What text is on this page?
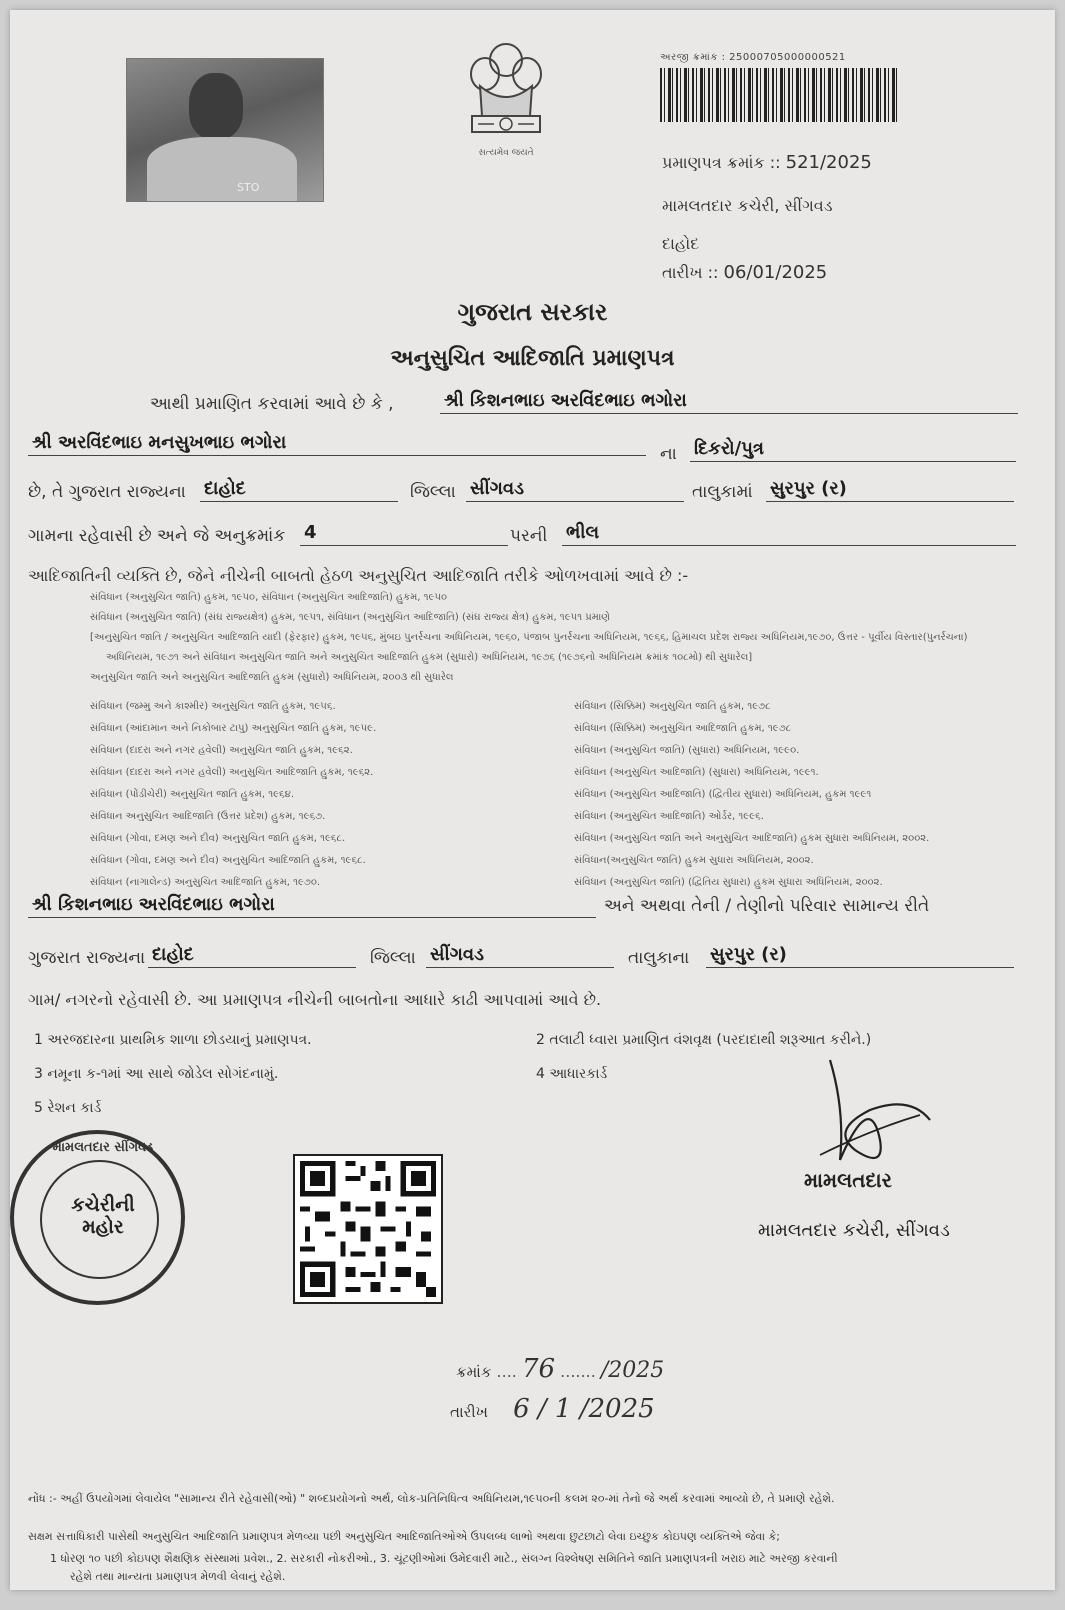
STO
સત્યમેવ જયતે
અરજી ક્રમાંક : 25000705000000521
પ્રમાણપત્ર ક્રમાંક :: 521/2025
મામલતદાર કચેરી, સીંગવડ
દાહોદ
તારીખ :: 06/01/2025
ગુજરાત સરકાર
અનુસુચિત આદિજાતિ પ્રમાણપત્ર
આથી પ્રમાણિત કરવામાં આવે છે કે ,	શ્રી કિશનભાઇ અરવિંદભાઇ ભગોરા
શ્રી અરવિંદભાઇ મનસુખભાઇ ભગોરા
ના દિકરો/પુત્ર
છે, તે ગુજરાત રાજ્યના દાહોદ	જિલ્લા સીંગવડ	તાલુકામાં સુરપુર (ર)
ગામના રહેવાસી છે અને જે અનુક્રમાંક 4	પરની ભીલ
આદિજાતિની વ્યક્તિ છે, જેને નીચેની બાબતો હેઠળ અનુસુચિત આદિજાતિ તરીકે ઓળખવામાં આવે છે :-
સંવિધાન (અનુસુચિત જાતિ) હુકમ, ૧૯૫૦, સંવિધાન (અનુસુચિત આદિજાતિ) હુકમ, ૧૯૫૦
સંવિધાન (અનુસુચિત જાતિ) (સંઘ રાજ્યક્ષેત્ર) હુકમ, ૧૯૫૧, સંવિધાન (અનુસુચિત આદિજાતિ) (સંઘ રાજ્ય ક્ષેત્ર) હુકમ, ૧૯૫૧ પ્રમાણે
[અનુસુચિત જાતિ / અનુસુચિત આદિજાતિ યાદી (ફેરફાર) હુકમ, ૧૯૫૬, મુંબઇ પુનર્રચના અધિનિયમ, ૧૯૬૦, પંજાબ પુનર્રચના અધિનિયમ, ૧૯૬૬, હિમાચલ પ્રદેશ રાજ્ય અધિનિયમ,૧૯૭૦, ઉત્તર - પૂર્વીય વિસ્તાર(પુનર્રચના)
અધિનિયમ, ૧૯૭૧ અને સંવિધાન અનુસુચિત જાતિ અને અનુસુચિત આદિજાતિ હુકમ (સુધારો) અધિનિયમ, ૧૯૭૬ (૧૯૭૬નો અધિનિયમ ક્રમાંક ૧૦૮મો) થી સુધારેલ]
અનુસુચિત જાતિ અને અનુસુચિત આદિજાતિ હુકમ (સુધારો) અધિનિયમ, ૨૦૦૩ થી સુધારેલ
સંવિધાન (જમ્મુ અને કાશ્મીર) અનુસુચિત જાતિ હુકમ, ૧૯૫૬.
સંવિધાન (આંદામાન અને નિકોબાર ટાપુ) અનુસુચિત જાતિ હુકમ, ૧૯૫૯.
સંવિધાન (દાદરા અને નગર હવેલી) અનુસુચિત જાતિ હુકમ, ૧૯૬૨.
સંવિધાન (દાદરા અને નગર હવેલી) અનુસુચિત આદિજાતિ હુકમ, ૧૯૬૨.
સંવિધાન (પોંડીચેરી) અનુસુચિત જાતિ હુકમ, ૧૯૬૪.
સંવિધાન અનુસુચિત આદિજાતિ (ઉત્તર પ્રદેશ) હુકમ, ૧૯૬૭.
સંવિધાન (ગોવા, દમણ અને દીવ) અનુસુચિત જાતિ હુકમ, ૧૯૬૮.
સંવિધાન (ગોવા, દમણ અને દીવ) અનુસુચિત આદિજાતિ હુકમ, ૧૯૬૮.
સંવિધાન (નાગાલેન્ડ) અનુસુચિત આદિજાતિ હુકમ, ૧૯૭૦.
સંવિધાન (સિક્કિમ) અનુસુચિત જાતિ હુકમ, ૧૯૭૮
સંવિધાન (સિક્કિમ) અનુસુચિત આદિજાતિ હુકમ, ૧૯૭૮
સંવિધાન (અનુસુચિત જાતિ) (સુધારા) અધિનિયમ, ૧૯૯૦.
સંવિધાન (અનુસુચિત આદિજાતિ) (સુધારા) અધિનિયમ, ૧૯૯૧.
સંવિધાન (અનુસુચિત આદિજાતિ) (દ્વિતીય સુધારા) અધિનિયમ, હુકમ ૧૯૯૧
સંવિધાન (અનુસુચિત આદિજાતિ) ઓર્ડર, ૧૯૯૬.
સંવિધાન (અનુસુચિત જાતિ અને અનુસુચિત આદિજાતિ) હુકમ સુધારા અધિનિયમ, ૨૦૦૨.
સંવિધાન(અનુસુચિત જાતિ) હુકમ સુધારા અધિનિયમ, ૨૦૦૨.
સંવિધાન (અનુસુચિત જાતિ) (દ્વિતિય સુધારા) હુકમ સુધારા અધિનિયમ, ૨૦૦૨.
શ્રી કિશનભાઇ અરવિંદભાઇ ભગોરા	અને અથવા તેની / તેણીનો પરિવાર સામાન્ય રીતે
ગુજરાત રાજ્યના દાહોદ	જિલ્લા સીંગવડ	તાલુકાના સુરપુર (ર)
ગામ/ નગરનો રહેવાસી છે. આ પ્રમાણપત્ર નીચેની બાબતોના આધારે કાઢી આપવામાં આવે છે.
1 અરજદારના પ્રાથમિક શાળા છોડયાનું પ્રમાણપત્ર.	2 તલાટી ધ્વારા પ્રમાણિત વંશવૃક્ષ (પરદાદાથી શરૂઆત કરીને.)
3 નમૂના ક-૧માં આ સાથે જોડેલ સોગંદનામું.	4 આધારકાર્ડ
5 રેશન કાર્ડ
મામલતદાર સીંગવડ
કચેરીની મહોર
મામલતદાર
મામલતદાર કચેરી, સીંગવડ
ક્રમાંક .... 76 ....... /2025
તારીખ 6 / 1 /2025
નોંધ :- અહીં ઉપયોગમાં લેવાયેલ "સામાન્ય રીતે રહેવાસી(ઓ) " શબ્દપ્રયોગનો અર્થ, લોક-પ્રતિનિધિત્વ અધિનિયમ,૧૯૫૦ની કલમ ૨૦-માં તેનો જે અર્થ કરવામાં આવ્યો છે, તે પ્રમાણે રહેશે.
સક્ષમ સત્તાધિકારી પાસેથી અનુસુચિત આદિજાતિ પ્રમાણપત્ર મેળવ્યા પછી અનુસુચિત આદિજાતિઓએ ઉપલબ્ધ લાભો અથવા છુટછાટો લેવા ઇચ્છુક કોઇપણ વ્યક્તિએ જેવા કે;
1 ધોરણ ૧૦ પછી કોઇપણ શૈક્ષણિક સંસ્થામાં પ્રવેશ., 2. સરકારી નોકરીઓ., 3. ચૂંટણીઓમાં ઉમેદવારી માટે., સંલગ્ન વિશ્લેષણ સમિતિને જાતિ પ્રમાણપત્રની ખરાઇ માટે અરજી કરવાની
રહેશે તથા માન્યતા પ્રમાણપત્ર મેળવી લેવાનું રહેશે.
